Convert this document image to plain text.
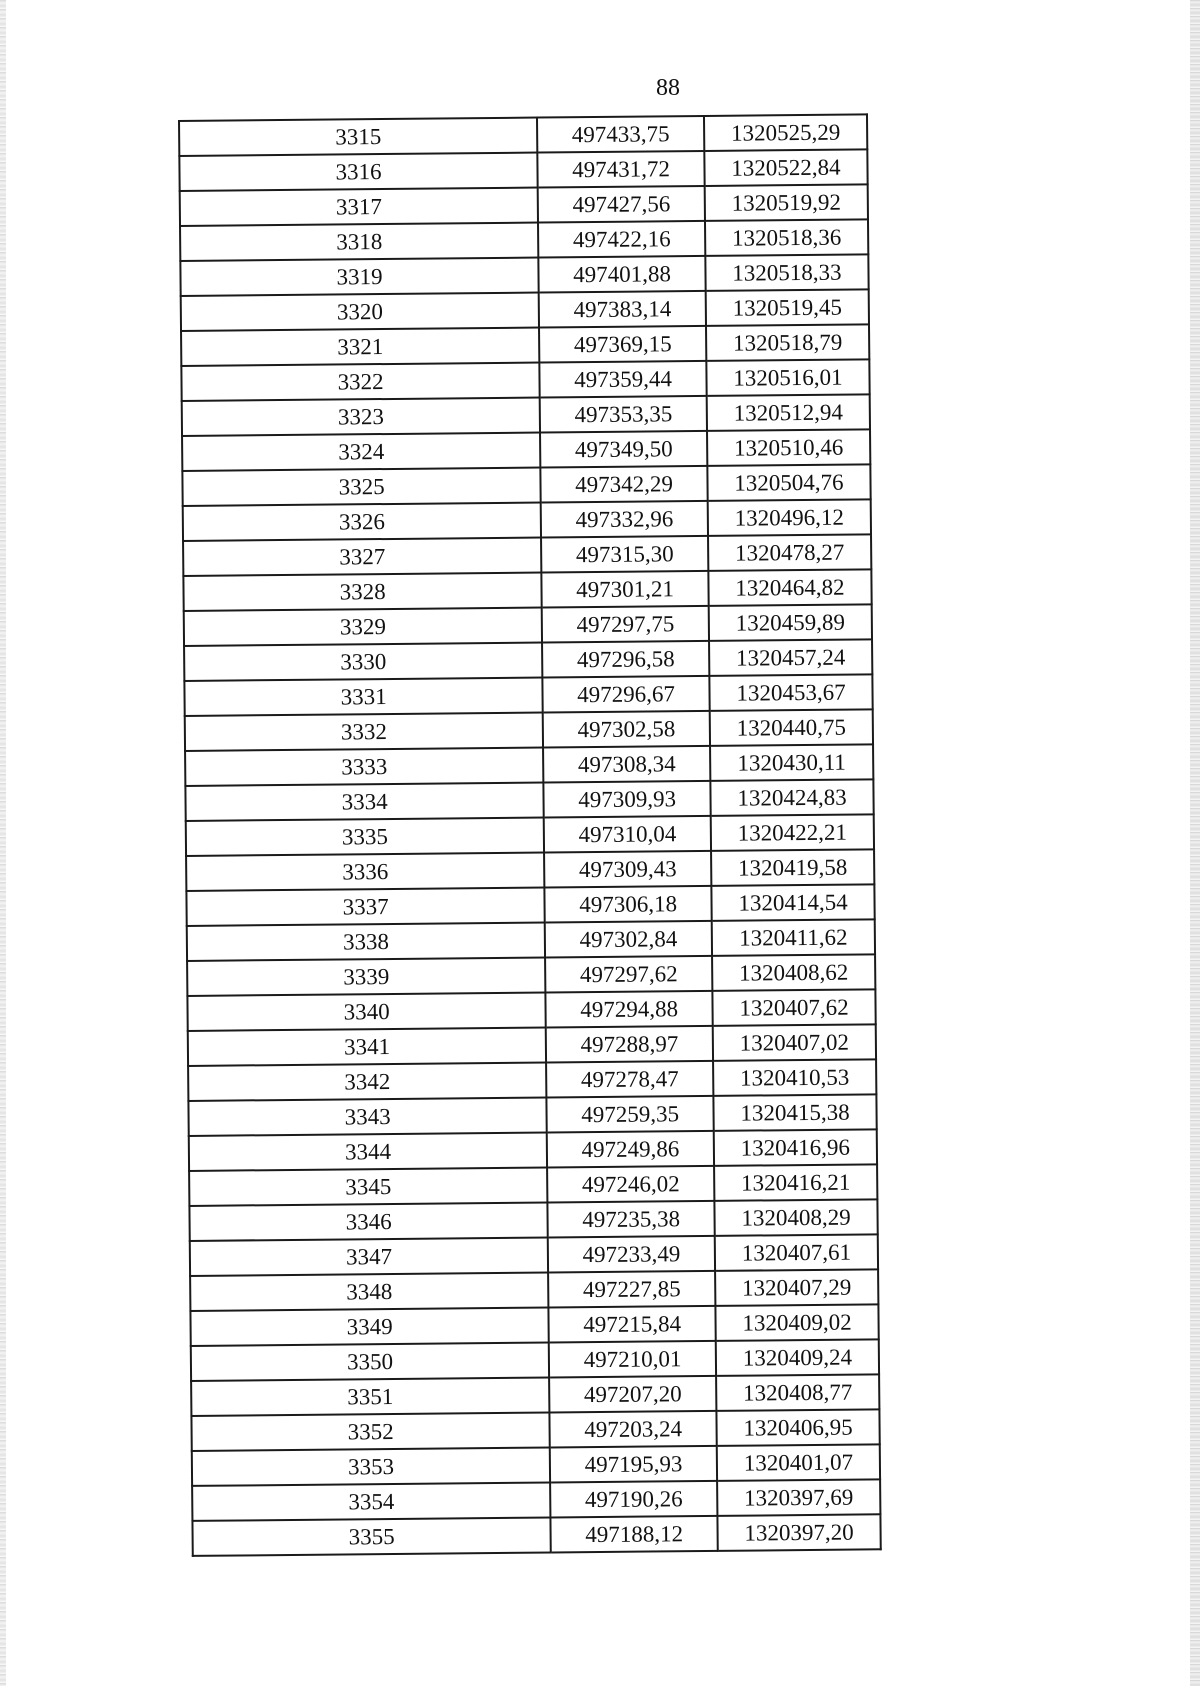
88
3315	497433,75	1320525,29
3316	497431,72	1320522,84
3317	497427,56	1320519,92
3318	497422,16	1320518,36
3319	497401,88	1320518,33
3320	497383,14	1320519,45
3321	497369,15	1320518,79
3322	497359,44	1320516,01
3323	497353,35	1320512,94
3324	497349,50	1320510,46
3325	497342,29	1320504,76
3326	497332,96	1320496,12
3327	497315,30	1320478,27
3328	497301,21	1320464,82
3329	497297,75	1320459,89
3330	497296,58	1320457,24
3331	497296,67	1320453,67
3332	497302,58	1320440,75
3333	497308,34	1320430,11
3334	497309,93	1320424,83
3335	497310,04	1320422,21
3336	497309,43	1320419,58
3337	497306,18	1320414,54
3338	497302,84	1320411,62
3339	497297,62	1320408,62
3340	497294,88	1320407,62
3341	497288,97	1320407,02
3342	497278,47	1320410,53
3343	497259,35	1320415,38
3344	497249,86	1320416,96
3345	497246,02	1320416,21
3346	497235,38	1320408,29
3347	497233,49	1320407,61
3348	497227,85	1320407,29
3349	497215,84	1320409,02
3350	497210,01	1320409,24
3351	497207,20	1320408,77
3352	497203,24	1320406,95
3353	497195,93	1320401,07
3354	497190,26	1320397,69
3355	497188,12	1320397,20
